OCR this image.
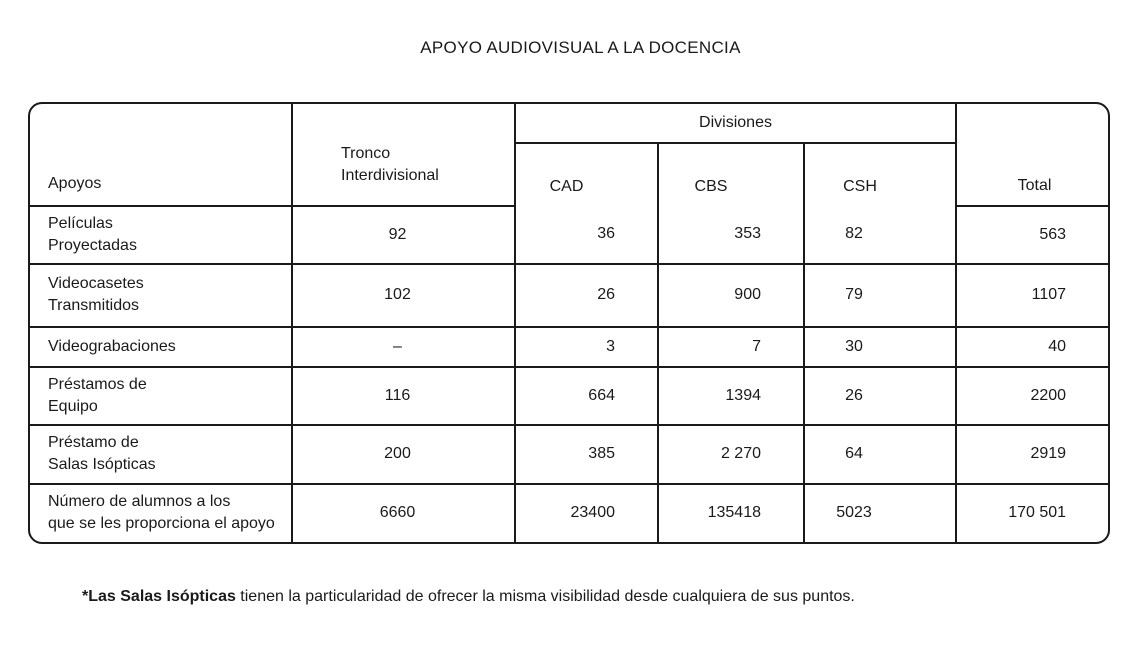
APOYO AUDIOVISUAL A LA DOCENCIA
Apoyos	Tronco
Interdivisional	Divisiones			Total
		CAD	CBS	CSH	
Películas
Proyectadas	92	36	353	82	563
Videocasetes
Transmitidos	102	26	900	79	1107
Videograbaciones	–	3	7	30	40
Préstamos de
Equipo	116	664	1394	26	2200
Préstamo de
Salas Isópticas	200	385	2 270	64	2919
Número de alumnos a los
que se les proporciona el apoyo	6660	23400	135418	5023	170 501
*Las Salas Isópticas tienen la particularidad de ofrecer la misma visibilidad desde cualquiera de sus puntos.
